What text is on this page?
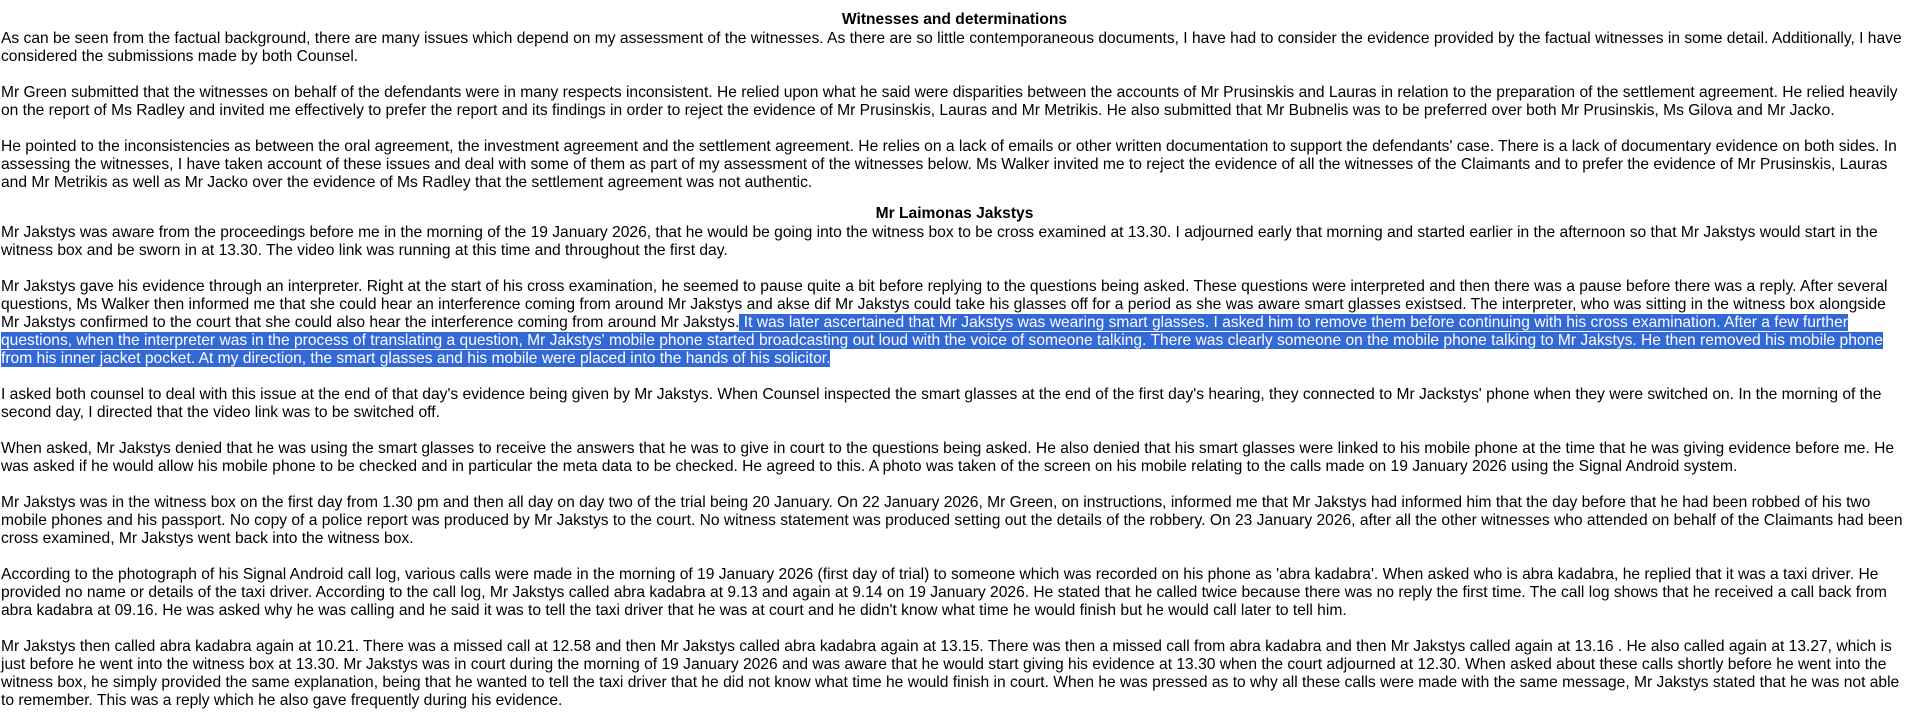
Witnesses and determinations

As can be seen from the factual background, there are many issues which depend on my assessment of the witnesses. As there are so little contemporaneous documents, I have had to consider the evidence provided by the factual witnesses in some detail. Additionally, I have considered the submissions made by both Counsel.

Mr Green submitted that the witnesses on behalf of the defendants were in many respects inconsistent. He relied upon what he said were disparities between the accounts of Mr Prusinskis and Lauras in relation to the preparation of the settlement agreement. He relied heavily on the report of Ms Radley and invited me effectively to prefer the report and its findings in order to reject the evidence of Mr Prusinskis, Lauras and Mr Metrikis. He also submitted that Mr Bubnelis was to be preferred over both Mr Prusinskis, Ms Gilova and Mr Jacko.

He pointed to the inconsistencies as between the oral agreement, the investment agreement and the settlement agreement. He relies on a lack of emails or other written documentation to support the defendants' case. There is a lack of documentary evidence on both sides. In assessing the witnesses, I have taken account of these issues and deal with some of them as part of my assessment of the witnesses below. Ms Walker invited me to reject the evidence of all the witnesses of the Claimants and to prefer the evidence of Mr Prusinskis, Lauras and Mr Metrikis as well as Mr Jacko over the evidence of Ms Radley that the settlement agreement was not authentic.

Mr Laimonas Jakstys

Mr Jakstys was aware from the proceedings before me in the morning of the 19 January 2026, that he would be going into the witness box to be cross examined at 13.30. I adjourned early that morning and started earlier in the afternoon so that Mr Jakstys would start in the witness box and be sworn in at 13.30. The video link was running at this time and throughout the first day.

Mr Jakstys gave his evidence through an interpreter. Right at the start of his cross examination, he seemed to pause quite a bit before replying to the questions being asked. These questions were interpreted and then there was a pause before there was a reply. After several questions, Ms Walker then informed me that she could hear an interference coming from around Mr Jakstys and akse dif Mr Jakstys could take his glasses off for a period as she was aware smart glasses existsed. The interpreter, who was sitting in the witness box alongside Mr Jakstys confirmed to the court that she could also hear the interference coming from around Mr Jakstys. It was later ascertained that Mr Jakstys was wearing smart glasses. I asked him to remove them before continuing with his cross examination. After a few further questions, when the interpreter was in the process of translating a question, Mr Jakstys' mobile phone started broadcasting out loud with the voice of someone talking. There was clearly someone on the mobile phone talking to Mr Jakstys. He then removed his mobile phone from his inner jacket pocket. At my direction, the smart glasses and his mobile were placed into the hands of his solicitor.

I asked both counsel to deal with this issue at the end of that day's evidence being given by Mr Jakstys. When Counsel inspected the smart glasses at the end of the first day's hearing, they connected to Mr Jackstys' phone when they were switched on. In the morning of the second day, I directed that the video link was to be switched off.

When asked, Mr Jakstys denied that he was using the smart glasses to receive the answers that he was to give in court to the questions being asked. He also denied that his smart glasses were linked to his mobile phone at the time that he was giving evidence before me. He was asked if he would allow his mobile phone to be checked and in particular the meta data to be checked. He agreed to this. A photo was taken of the screen on his mobile relating to the calls made on 19 January 2026 using the Signal Android system.

Mr Jakstys was in the witness box on the first day from 1.30 pm and then all day on day two of the trial being 20 January. On 22 January 2026, Mr Green, on instructions, informed me that Mr Jakstys had informed him that the day before that he had been robbed of his two mobile phones and his passport. No copy of a police report was produced by Mr Jakstys to the court. No witness statement was produced setting out the details of the robbery. On 23 January 2026, after all the other witnesses who attended on behalf of the Claimants had been cross examined, Mr Jakstys went back into the witness box.

According to the photograph of his Signal Android call log, various calls were made in the morning of 19 January 2026 (first day of trial) to someone which was recorded on his phone as 'abra kadabra'. When asked who is abra kadabra, he replied that it was a taxi driver. He provided no name or details of the taxi driver. According to the call log, Mr Jakstys called abra kadabra at 9.13 and again at 9.14 on 19 January 2026. He stated that he called twice because there was no reply the first time. The call log shows that he received a call back from abra kadabra at 09.16. He was asked why he was calling and he said it was to tell the taxi driver that he was at court and he didn't know what time he would finish but he would call later to tell him.

Mr Jakstys then called abra kadabra again at 10.21. There was a missed call at 12.58 and then Mr Jakstys called abra kadabra again at 13.15. There was then a missed call from abra kadabra and then Mr Jakstys called again at 13.16 . He also called again at 13.27, which is just before he went into the witness box at 13.30. Mr Jakstys was in court during the morning of 19 January 2026 and was aware that he would start giving his evidence at 13.30 when the court adjourned at 12.30. When asked about these calls shortly before he went into the witness box, he simply provided the same explanation, being that he wanted to tell the taxi driver that he did not know what time he would finish in court. When he was pressed as to why all these calls were made with the same message, Mr Jakstys stated that he was not able to remember. This was a reply which he also gave frequently during his evidence.
